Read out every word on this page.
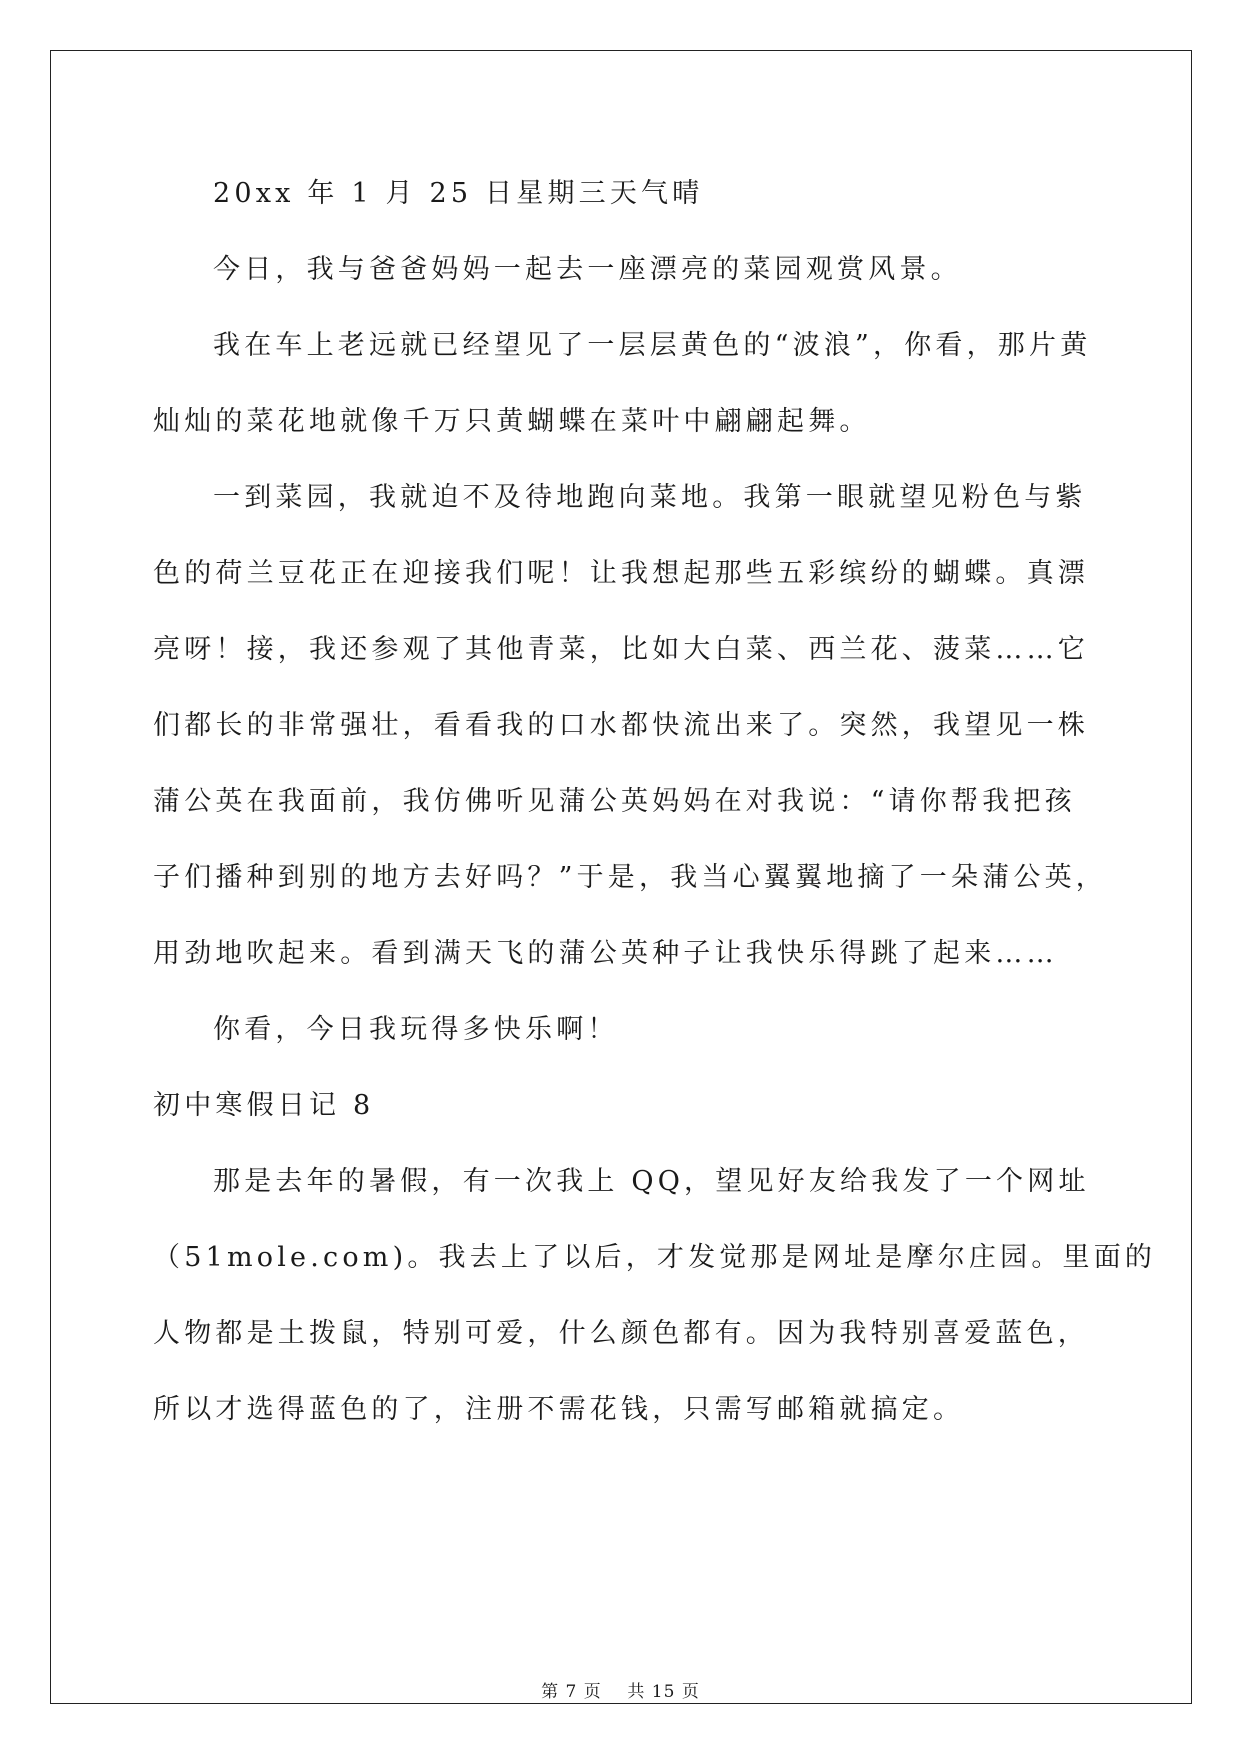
20xx 年 1 月 25 日星期三天气晴

今日，我与爸爸妈妈一起去一座漂亮的菜园观赏风景。

我在车上老远就已经望见了一层层黄色的“波浪”，你看，那片黄

灿灿的菜花地就像千万只黄蝴蝶在菜叶中翩翩起舞。

一到菜园，我就迫不及待地跑向菜地。我第一眼就望见粉色与紫

色的荷兰豆花正在迎接我们呢！让我想起那些五彩缤纷的蝴蝶。真漂

亮呀！接，我还参观了其他青菜，比如大白菜、西兰花、菠菜……它

们都长的非常强壮，看看我的口水都快流出来了。突然，我望见一株

蒲公英在我面前，我仿佛听见蒲公英妈妈在对我说：“请你帮我把孩

子们播种到别的地方去好吗？”于是，我当心翼翼地摘了一朵蒲公英，

用劲地吹起来。看到满天飞的蒲公英种子让我快乐得跳了起来……

你看，今日我玩得多快乐啊！

初中寒假日记 8

那是去年的暑假，有一次我上 QQ，望见好友给我发了一个网址

（51mole.com)。我去上了以后，才发觉那是网址是摩尔庄园。里面的

人物都是土拨鼠，特别可爱，什么颜色都有。因为我特别喜爱蓝色，

所以才选得蓝色的了，注册不需花钱，只需写邮箱就搞定。

第 7 页    共 15 页
